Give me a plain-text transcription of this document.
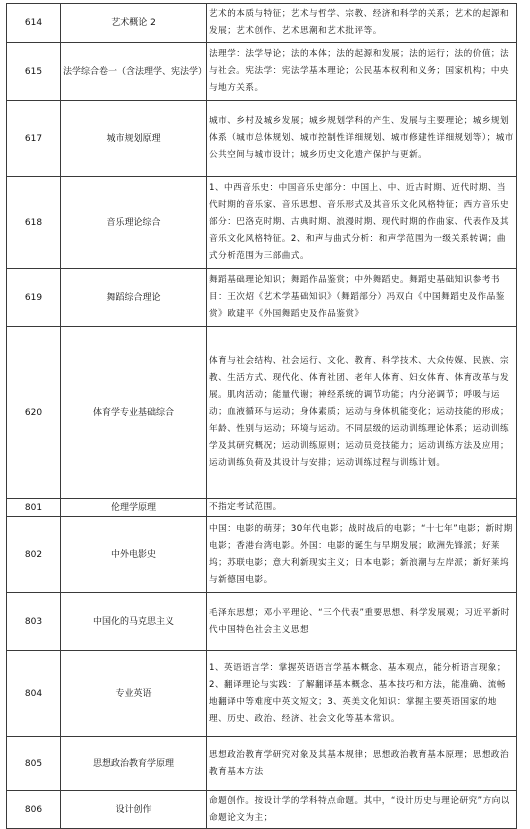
614	艺术概论 2	艺术的本质与特征；艺术与哲学、宗教、经济和科学的关系；艺术的起源和发展；艺术创作、艺术思潮和艺术批评等。
615	法学综合卷一（含法理学、宪法学）	法理学：法学导论；法的本体；法的起源和发展；法的运行；法的价值；法与社会。宪法学：宪法学基本理论；公民基本权利和义务；国家机构；中央与地方关系。
617	城市规划原理	城市、乡村及城乡发展；城乡规划学科的产生、发展与主要理论；城乡规划体系（城市总体规划、城市控制性详细规划、城市修建性详细规划等）；城市公共空间与城市设计；城乡历史文化遗产保护与更新。
618	音乐理论综合	1、中西音乐史：中国音乐史部分：中国上、中、近古时期、近代时期、当代时期的音乐家、音乐思想、音乐形式及其音乐文化风格特征；西方音乐史部分：巴洛克时期、古典时期、浪漫时期、现代时期的作曲家、代表作及其音乐文化风格特征。2、和声与曲式分析：和声学范围为一级关系转调；曲式分析范围为三部曲式。
619	舞蹈综合理论	舞蹈基础理论知识；舞蹈作品鉴赏；中外舞蹈史。舞蹈史基础知识参考书目：王次炤《艺术学基础知识》（舞蹈部分）冯双白《中国舞蹈史及作品鉴赏》欧建平《外国舞蹈史及作品鉴赏》
620	体育学专业基础综合	体育与社会结构、社会运行、文化、教育、科学技术、大众传媒、民族、宗教、生活方式、现代化、体育社团、老年人体育、妇女体育、体育改革与发展。肌肉活动；能量代谢；神经系统的调节功能；内分泌调节；呼吸与运动；血液循环与运动；身体素质；运动与身体机能变化；运动技能的形成；年龄、性别与运动；环境与运动。不同层级的运动训练理论体系；运动训练学及其研究概况；运动训练原则；运动员竞技能力；运动训练方法及应用；运动训练负荷及其设计与安排；运动训练过程与训练计划。
801	伦理学原理	不指定考试范围。
802	中外电影史	中国：电影的萌芽；30年代电影；战时战后的电影；“十七年”电影；新时期电影；香港台湾电影。外国：电影的诞生与早期发展；欧洲先锋派；好莱坞；苏联电影；意大利新现实主义；日本电影；新浪潮与左岸派；新好莱坞与新德国电影。
803	中国化的马克思主义	毛泽东思想；邓小平理论、“三个代表”重要思想、科学发展观；习近平新时代中国特色社会主义思想
804	专业英语	1、英语语言学：掌握英语语言学基本概念、基本观点，能分析语言现象；2、翻译理论与实践：了解翻译基本概念、基本技巧和方法，能准确、流畅地翻译中等难度中英文短文；3、英美文化知识：掌握主要英语国家的地理、历史、政治、经济、社会文化等基本常识。
805	思想政治教育学原理	思想政治教育学研究对象及其基本规律；思想政治教育基本原理；思想政治教育基本方法
806	设计创作	命题创作。按设计学的学科特点命题。其中，“设计历史与理论研究”方向以命题论文为主；
